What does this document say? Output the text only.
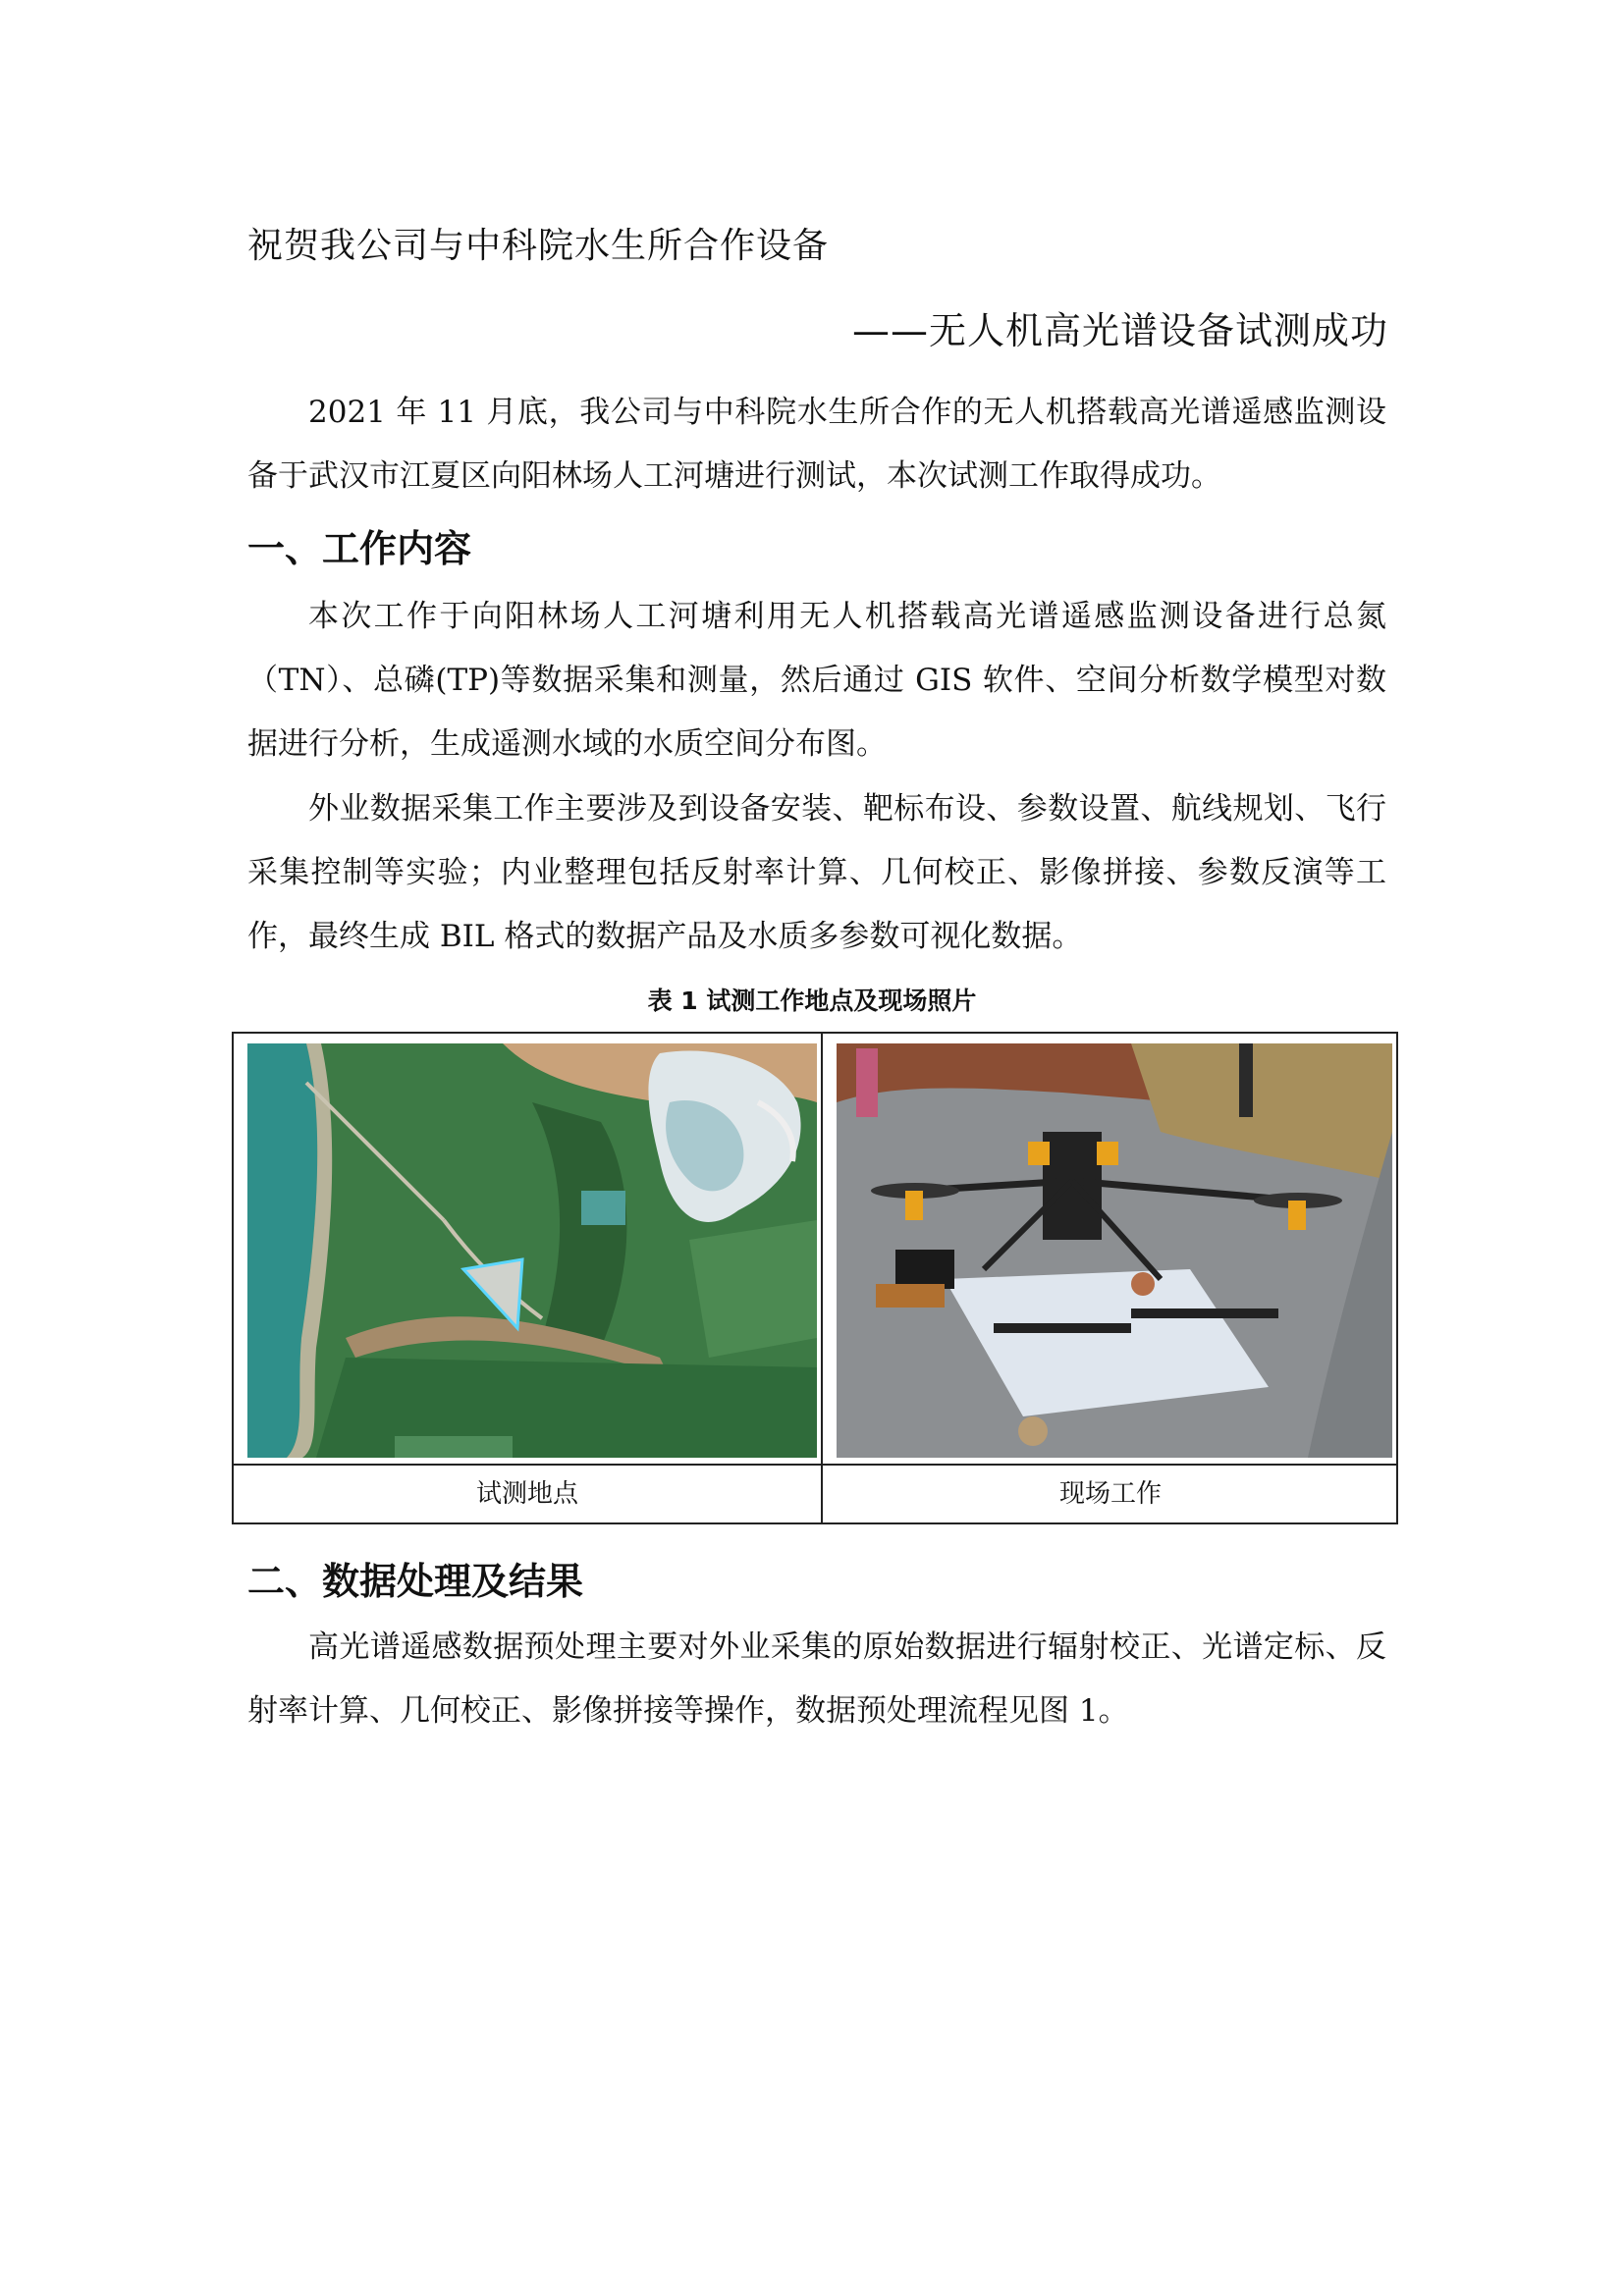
祝贺我公司与中科院水生所合作设备
——无人机高光谱设备试测成功
2021 年 11 月底，我公司与中科院水生所合作的无人机搭载高光谱遥感监测设备于武汉市江夏区向阳林场人工河塘进行测试，本次试测工作取得成功。
一、工作内容
本次工作于向阳林场人工河塘利用无人机搭载高光谱遥感监测设备进行总氮（TN）、总磷(TP)等数据采集和测量，然后通过 GIS 软件、空间分析数学模型对数据进行分析，生成遥测水域的水质空间分布图。
外业数据采集工作主要涉及到设备安装、靶标布设、参数设置、航线规划、飞行采集控制等实验；内业整理包括反射率计算、几何校正、影像拼接、参数反演等工作，最终生成 BIL 格式的数据产品及水质多参数可视化数据。
表 1 试测工作地点及现场照片
试测地点	现场工作
二、数据处理及结果
高光谱遥感数据预处理主要对外业采集的原始数据进行辐射校正、光谱定标、反射率计算、几何校正、影像拼接等操作，数据预处理流程见图 1。
